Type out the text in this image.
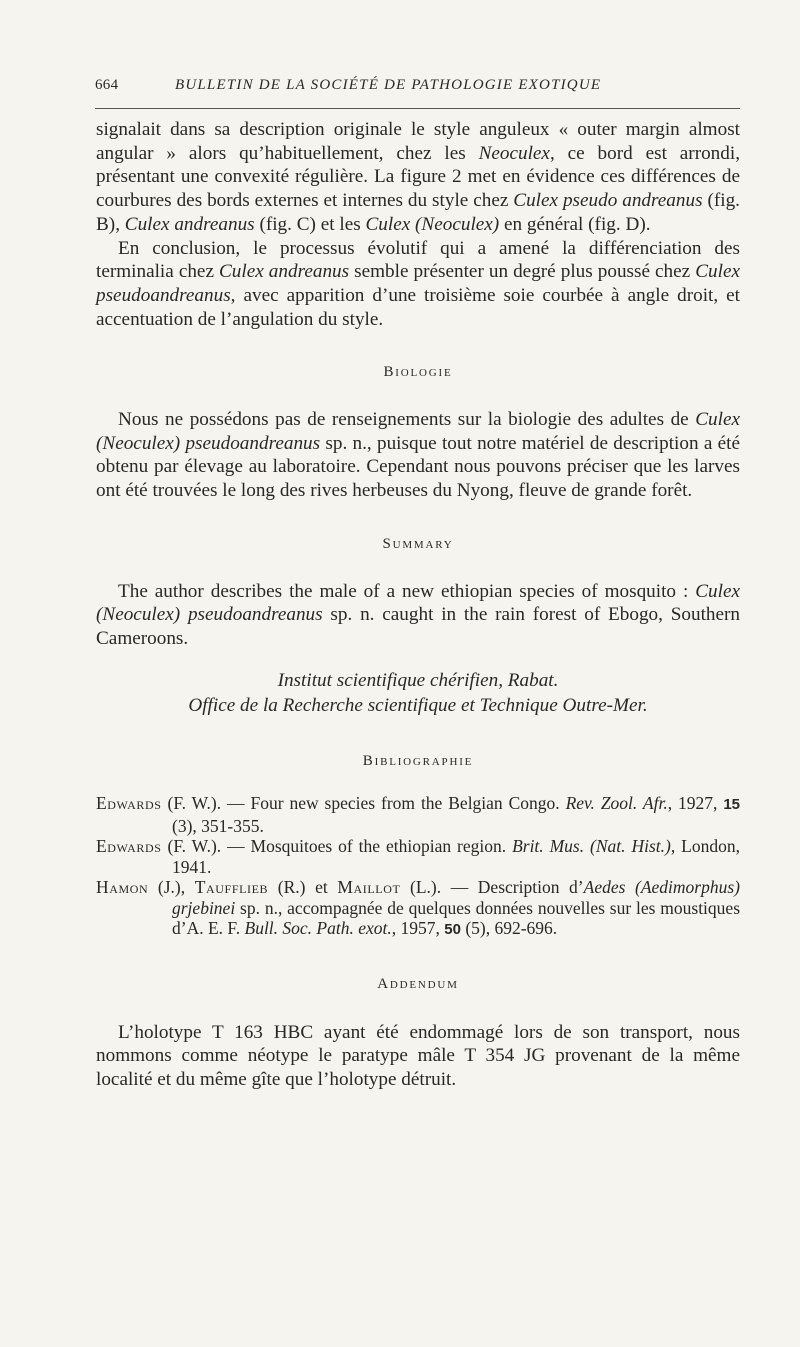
664	BULLETIN DE LA SOCIÉTÉ DE PATHOLOGIE EXOTIQUE

signalait dans sa description originale le style anguleux « outer margin almost angular » alors qu’habituellement, chez les Neoculex, ce bord est arrondi, présentant une convexité régulière. La figure 2 met en évidence ces différences de courbures des bords externes et internes du style chez Culex pseudo andreanus (fig. B), Culex andreanus (fig. C) et les Culex (Neoculex) en général (fig. D).

En conclusion, le processus évolutif qui a amené la différenciation des terminalia chez Culex andreanus semble présenter un degré plus poussé chez Culex pseudoandreanus, avec apparition d’une troisième soie courbée à angle droit, et accentuation de l’angulation du style.

Biologie

Nous ne possédons pas de renseignements sur la biologie des adultes de Culex (Neoculex) pseudoandreanus sp. n., puisque tout notre matériel de description a été obtenu par élevage au laboratoire. Cependant nous pouvons préciser que les larves ont été trouvées le long des rives herbeuses du Nyong, fleuve de grande forêt.

Summary

The author describes the male of a new ethiopian species of mosquito : Culex (Neoculex) pseudoandreanus sp. n. caught in the rain forest of Ebogo, Southern Cameroons.

Institut scientifique chérifien, Rabat.
Office de la Recherche scientifique et Technique Outre-Mer.
Bibliographie
Edwards (F. W.). — Four new species from the Belgian Congo. Rev. Zool. Afr., 1927, 15 (3), 351-355.
Edwards (F. W.). — Mosquitoes of the ethiopian region. Brit. Mus. (Nat. Hist.), London, 1941.
Hamon (J.), Taufflieb (R.) et Maillot (L.). — Description d’Aedes (Aedimorphus) grjebinei sp. n., accompagnée de quelques données nouvelles sur les moustiques d’A. E. F. Bull. Soc. Path. exot., 1957, 50 (5), 692-696.
Addendum

L’holotype T 163 HBC ayant été endommagé lors de son transport, nous nommons comme néotype le paratype mâle T 354 JG provenant de la même localité et du même gîte que l’holotype détruit.
